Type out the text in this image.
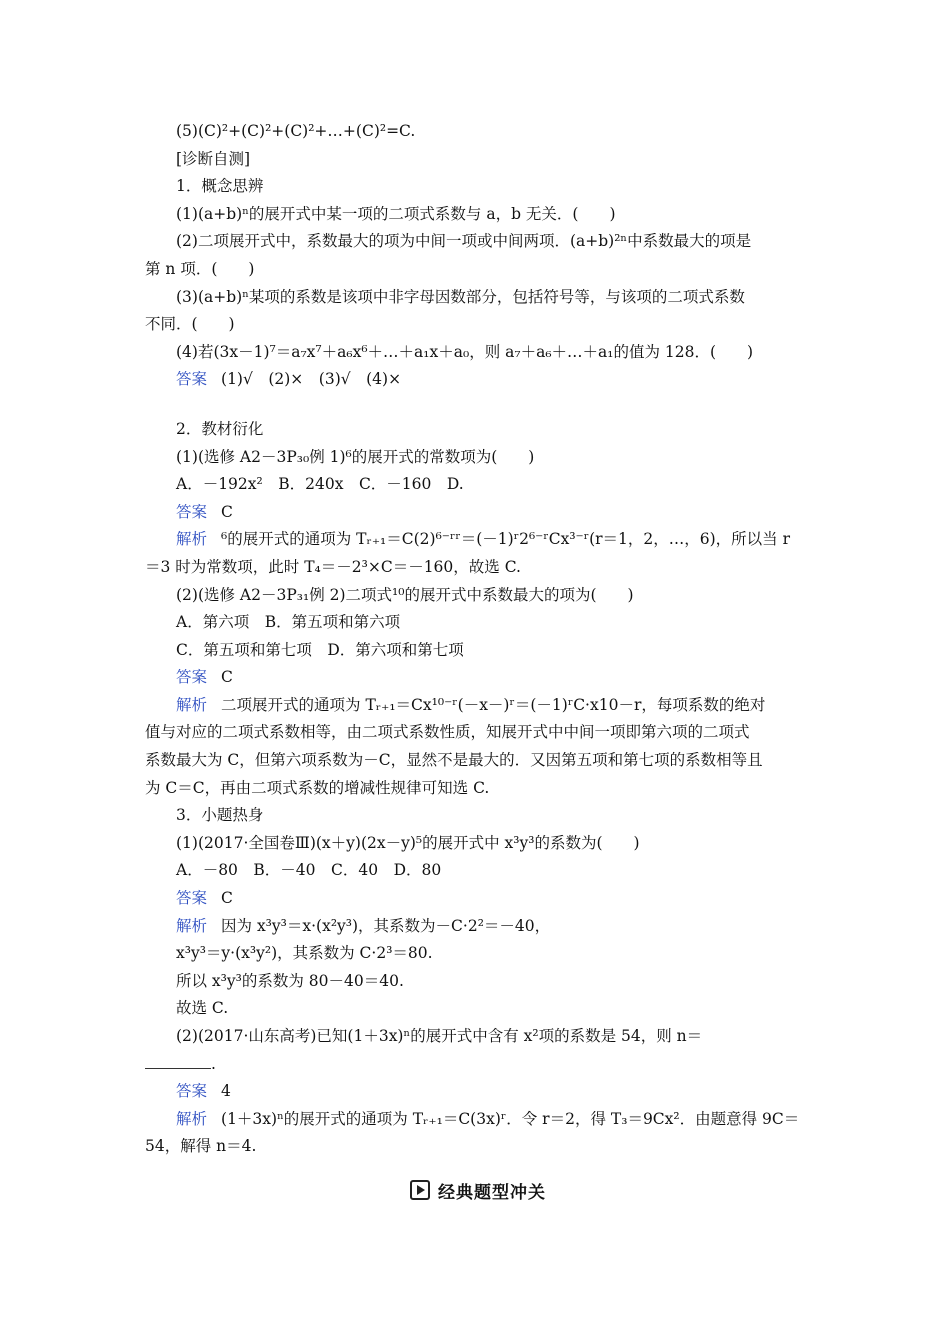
(5)(C)²+(C)²+(C)²+…+(C)²=C.
[诊断自测]
1．概念思辨
(1)(a+b)ⁿ的展开式中某一项的二项式系数与 a，b 无关．(　　)
(2)二项展开式中，系数最大的项为中间一项或中间两项．(a+b)²ⁿ中系数最大的项是
第 n 项．(　　)
(3)(a+b)ⁿ某项的系数是该项中非字母因数部分，包括符号等，与该项的二项式系数
不同．(　　)
(4)若(3x－1)⁷＝a₇x⁷＋a₆x⁶＋…＋a₁x＋a₀，则 a₇＋a₆＋…＋a₁的值为 128．(　　)
答案 (1)√　(2)×　(3)√　(4)×
2．教材衍化
(1)(选修 A2－3P₃₀例 1)⁶的展开式的常数项为(　　)
A．－192x²　B．240x　C．－160　D.
答案 C
解析 ⁶的展开式的通项为 Tᵣ₊₁＝C(2)⁶⁻ʳʳ＝(－1)ʳ2⁶⁻ʳCx³⁻ʳ(r＝1，2，…，6)，所以当 r
＝3 时为常数项，此时 T₄＝－2³×C＝－160，故选 C.
(2)(选修 A2－3P₃₁例 2)二项式¹⁰的展开式中系数最大的项为(　　)
A．第六项　B．第五项和第六项
C．第五项和第七项　D．第六项和第七项
答案 C
解析 二项展开式的通项为 Tᵣ₊₁＝Cx¹⁰⁻ʳ(－x－)ʳ＝(－1)ʳC·x10－r，每项系数的绝对
值与对应的二项式系数相等，由二项式系数性质，知展开式中中间一项即第六项的二项式
系数最大为 C，但第六项系数为－C，显然不是最大的．又因第五项和第七项的系数相等且
为 C＝C，再由二项式系数的增减性规律可知选 C.
3．小题热身
(1)(2017·全国卷Ⅲ)(x＋y)(2x－y)⁵的展开式中 x³y³的系数为(　　)
A．－80　B．－40　C．40　D．80
答案 C
解析 因为 x³y³＝x·(x²y³)，其系数为－C·2²＝－40，
x³y³＝y·(x³y²)，其系数为 C·2³＝80.
所以 x³y³的系数为 80－40＝40.
故选 C.
(2)(2017·山东高考)已知(1＋3x)ⁿ的展开式中含有 x²项的系数是 54，则 n＝
.
答案 4
解析 (1＋3x)ⁿ的展开式的通项为 Tᵣ₊₁＝C(3x)ʳ．令 r＝2，得 T₃＝9Cx²．由题意得 9C＝
54，解得 n＝4.
经典题型冲关
